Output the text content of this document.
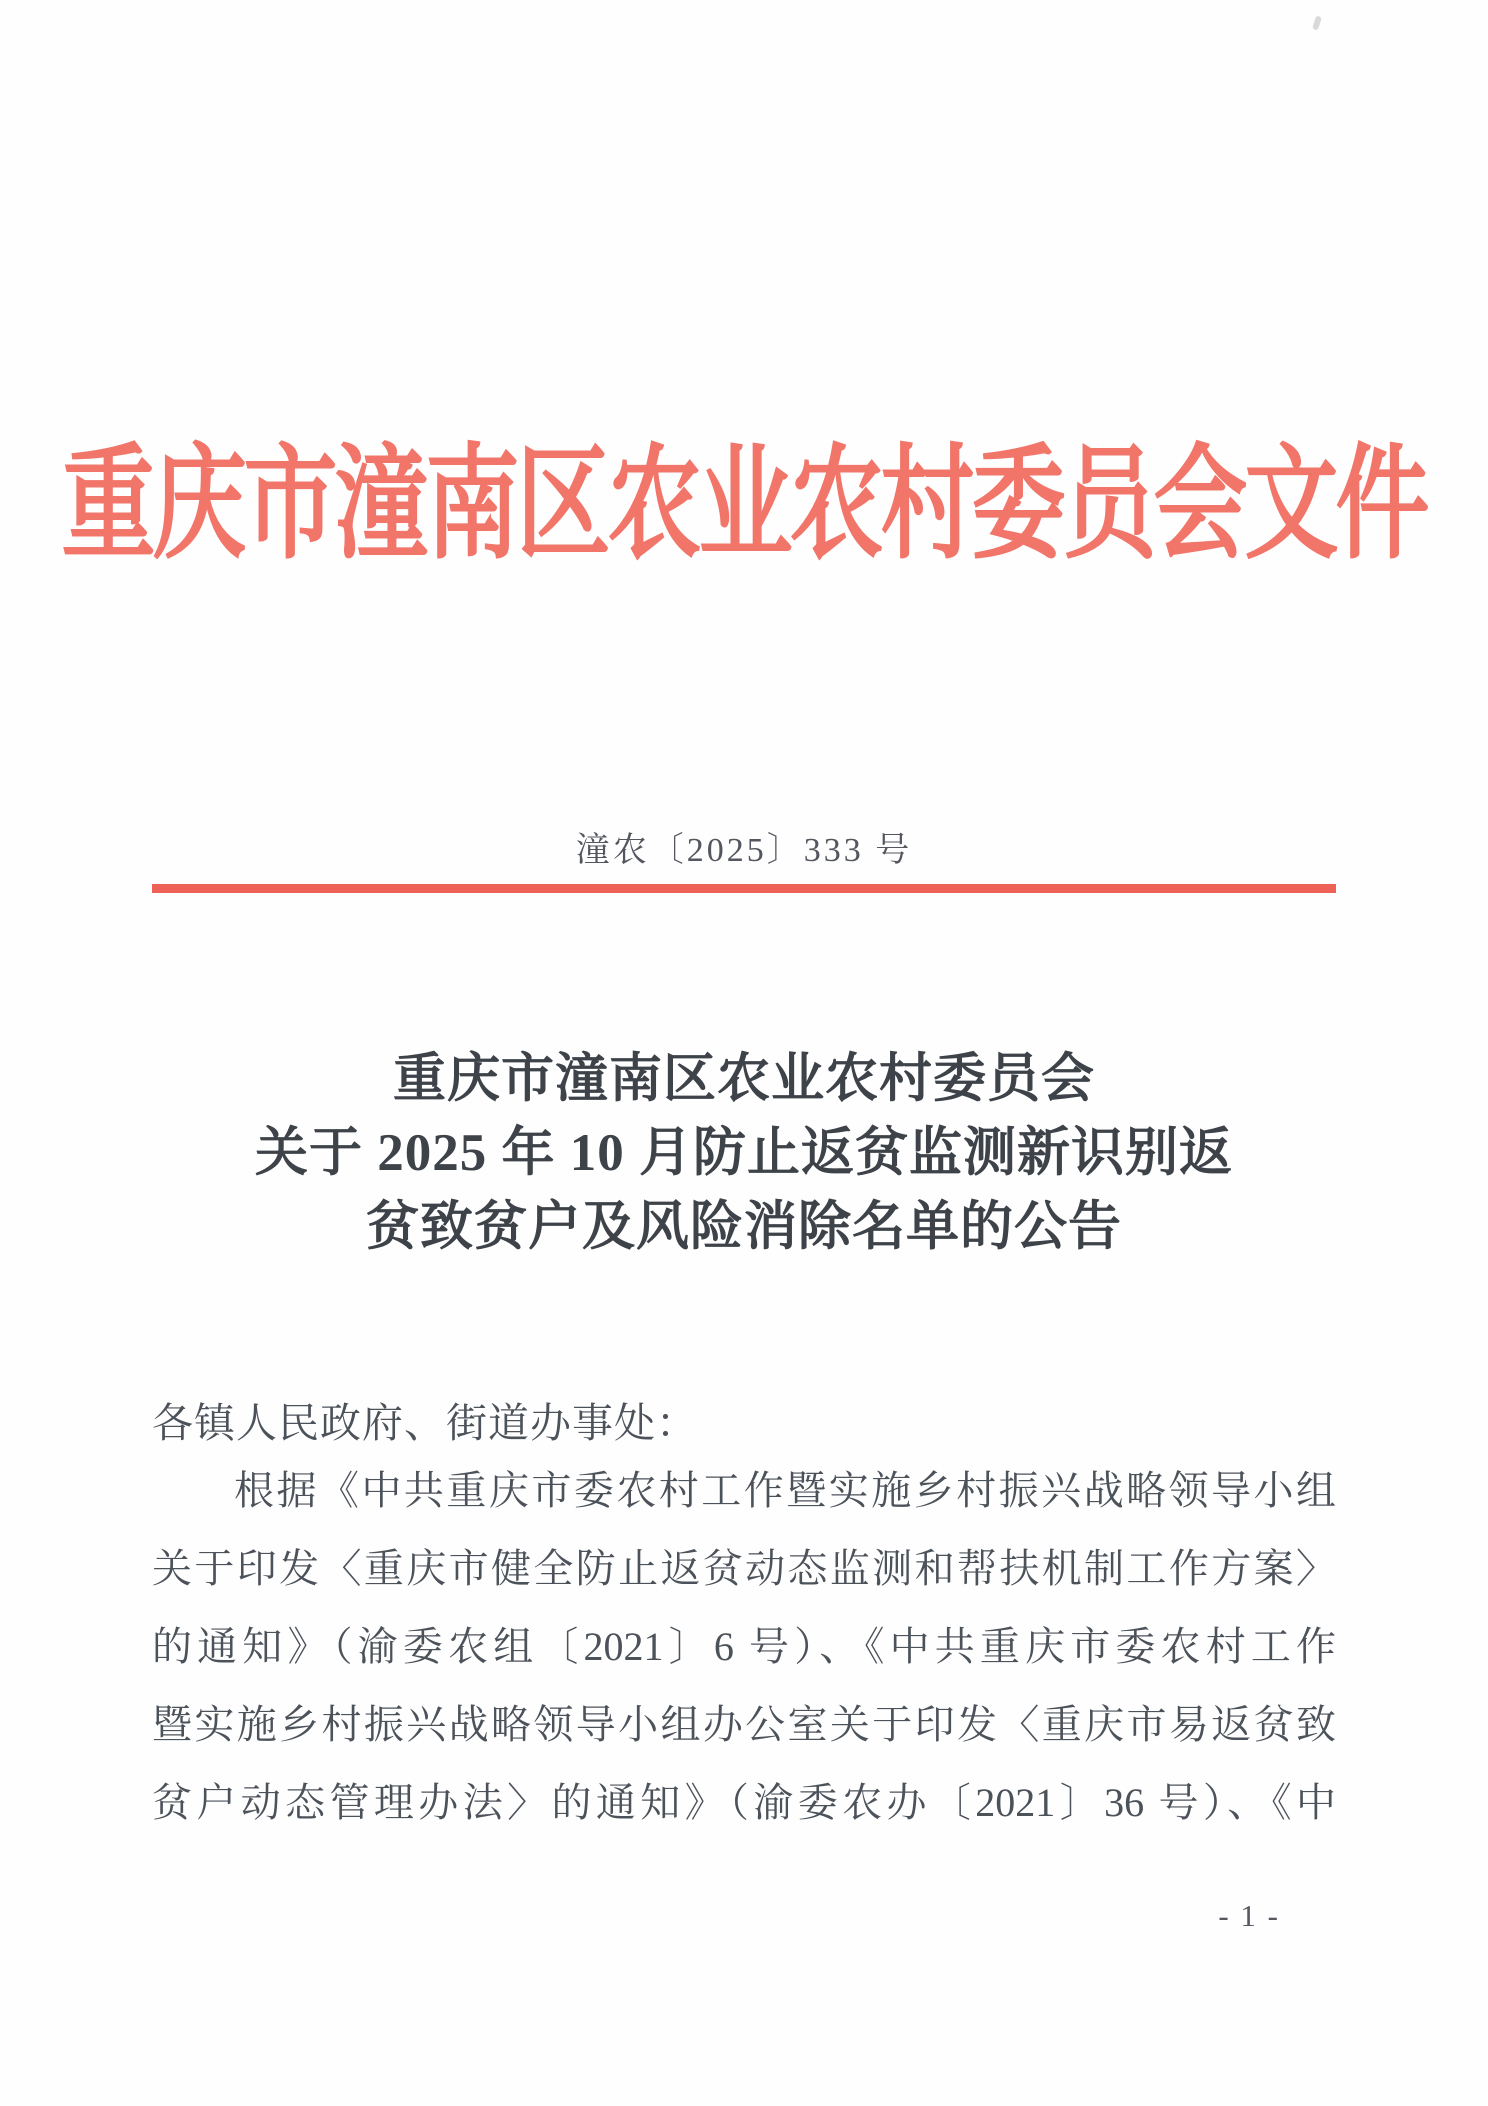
重庆市潼南区农业农村委员会文件
潼农〔2025〕333 号
重庆市潼南区农业农村委员会
关于 2025 年 10 月防止返贫监测新识别返
贫致贫户及风险消除名单的公告
各镇人民政府、街道办事处：
根据《中共重庆市委农村工作暨实施乡村振兴战略领导小组
关于印发〈重庆市健全防止返贫动态监测和帮扶机制工作方案〉
的通知》（渝委农组〔2021〕6 号）、《中共重庆市委农村工作
暨实施乡村振兴战略领导小组办公室关于印发〈重庆市易返贫致
贫户动态管理办法〉的通知》（渝委农办〔2021〕36 号）、《中
- 1 -
